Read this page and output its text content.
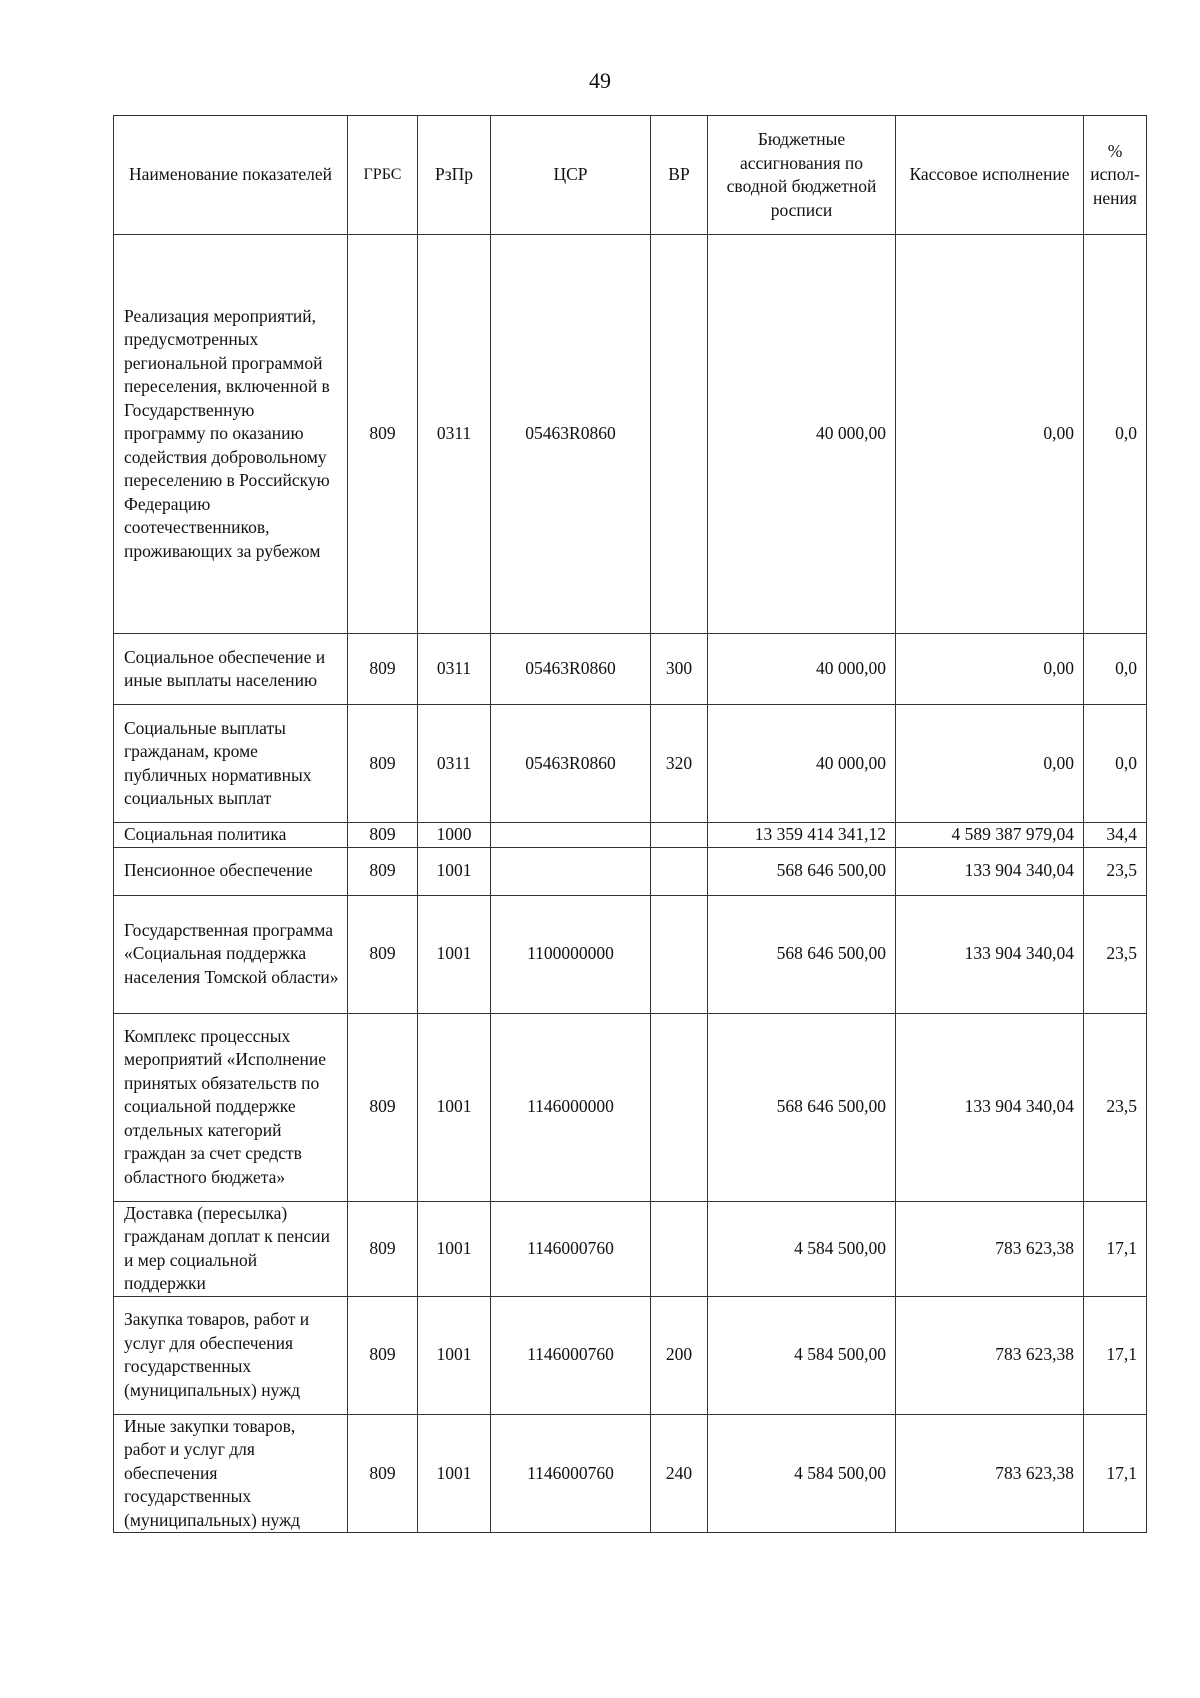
49
Наименование показателей	ГРБС	РзПр	ЦСР	ВР	Бюджетные ассигнования по сводной бюджетной росписи	Кассовое исполнение	% испол-нения
Реализация мероприятий, предусмотренных региональной программой переселения, включенной в Государственную программу по оказанию содействия добровольному переселению в Российскую Федерацию соотечественников, проживающих за рубежом	809	0311	05463R0860		40 000,00	0,00	0,0
Социальное обеспечение и иные выплаты населению	809	0311	05463R0860	300	40 000,00	0,00	0,0
Социальные выплаты гражданам, кроме публичных нормативных социальных выплат	809	0311	05463R0860	320	40 000,00	0,00	0,0
Социальная политика	809	1000			13 359 414 341,12	4 589 387 979,04	34,4
Пенсионное обеспечение	809	1001			568 646 500,00	133 904 340,04	23,5
Государственная программа «Социальная поддержка населения Томской области»	809	1001	1100000000		568 646 500,00	133 904 340,04	23,5
Комплекс процессных мероприятий «Исполнение принятых обязательств по социальной поддержке отдельных категорий граждан за счет средств областного бюджета»	809	1001	1146000000		568 646 500,00	133 904 340,04	23,5
Доставка (пересылка) гражданам доплат к пенсии и мер социальной поддержки	809	1001	1146000760		4 584 500,00	783 623,38	17,1
Закупка товаров, работ и услуг для обеспечения государственных (муниципальных) нужд	809	1001	1146000760	200	4 584 500,00	783 623,38	17,1
Иные закупки товаров, работ и услуг для обеспечения государственных (муниципальных) нужд	809	1001	1146000760	240	4 584 500,00	783 623,38	17,1
